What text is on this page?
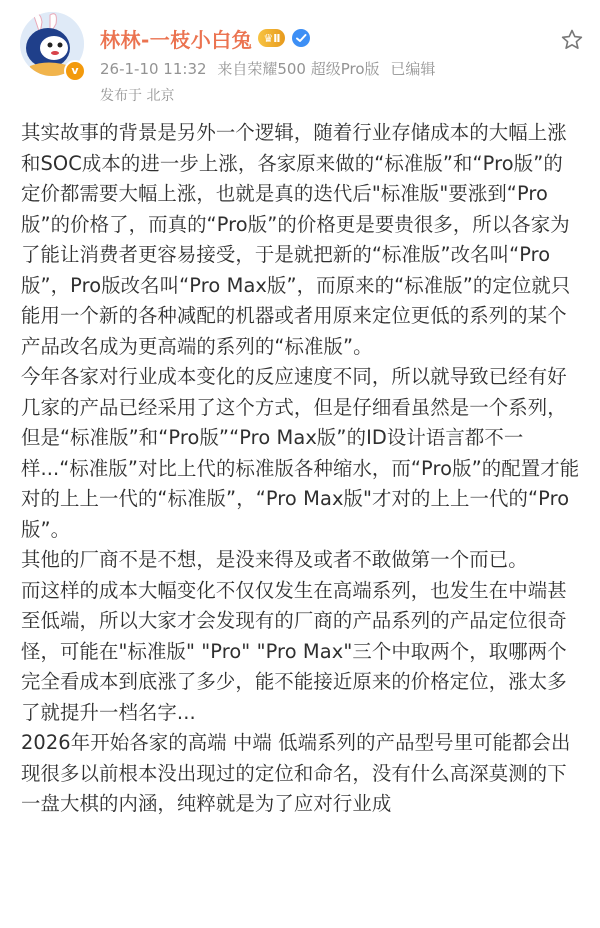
v
林林-一枝小白兔 ♛ Ⅱ
26-1-10 11:32 来自荣耀500 超级Pro版 已编辑
发布于 北京

其实故事的背景是另外一个逻辑，随着行业存储成本的大幅上涨和SOC成本的进一步上涨，各家原来做的“标准版”和“Pro版”的定价都需要大幅上涨，也就是真的迭代后"标准版"要涨到“Pro版”的价格了，而真的“Pro版”的价格更是要贵很多，所以各家为了能让消费者更容易接受，于是就把新的“标准版”改名叫“Pro版”，Pro版改名叫“Pro Max版”，而原来的“标准版”的定位就只能用一个新的各种减配的机器或者用原来定位更低的系列的某个产品改名成为更高端的系列的“标准版”。

今年各家对行业成本变化的反应速度不同，所以就导致已经有好几家的产品已经采用了这个方式，但是仔细看虽然是一个系列，但是“标准版”和“Pro版”“Pro Max版”的ID设计语言都不一样...“标准版”对比上代的标准版各种缩水，而“Pro版”的配置才能对的上上一代的“标准版”，“Pro Max版"才对的上上一代的“Pro版”。

其他的厂商不是不想，是没来得及或者不敢做第一个而已。

而这样的成本大幅变化不仅仅发生在高端系列，也发生在中端甚至低端，所以大家才会发现有的厂商的产品系列的产品定位很奇怪，可能在"标准版" "Pro" "Pro Max"三个中取两个，取哪两个完全看成本到底涨了多少，能不能接近原来的价格定位，涨太多了就提升一档名字...

2026年开始各家的高端 中端 低端系列的产品型号里可能都会出现很多以前根本没出现过的定位和命名，没有什么高深莫测的下一盘大棋的内涵，纯粹就是为了应对行业成
